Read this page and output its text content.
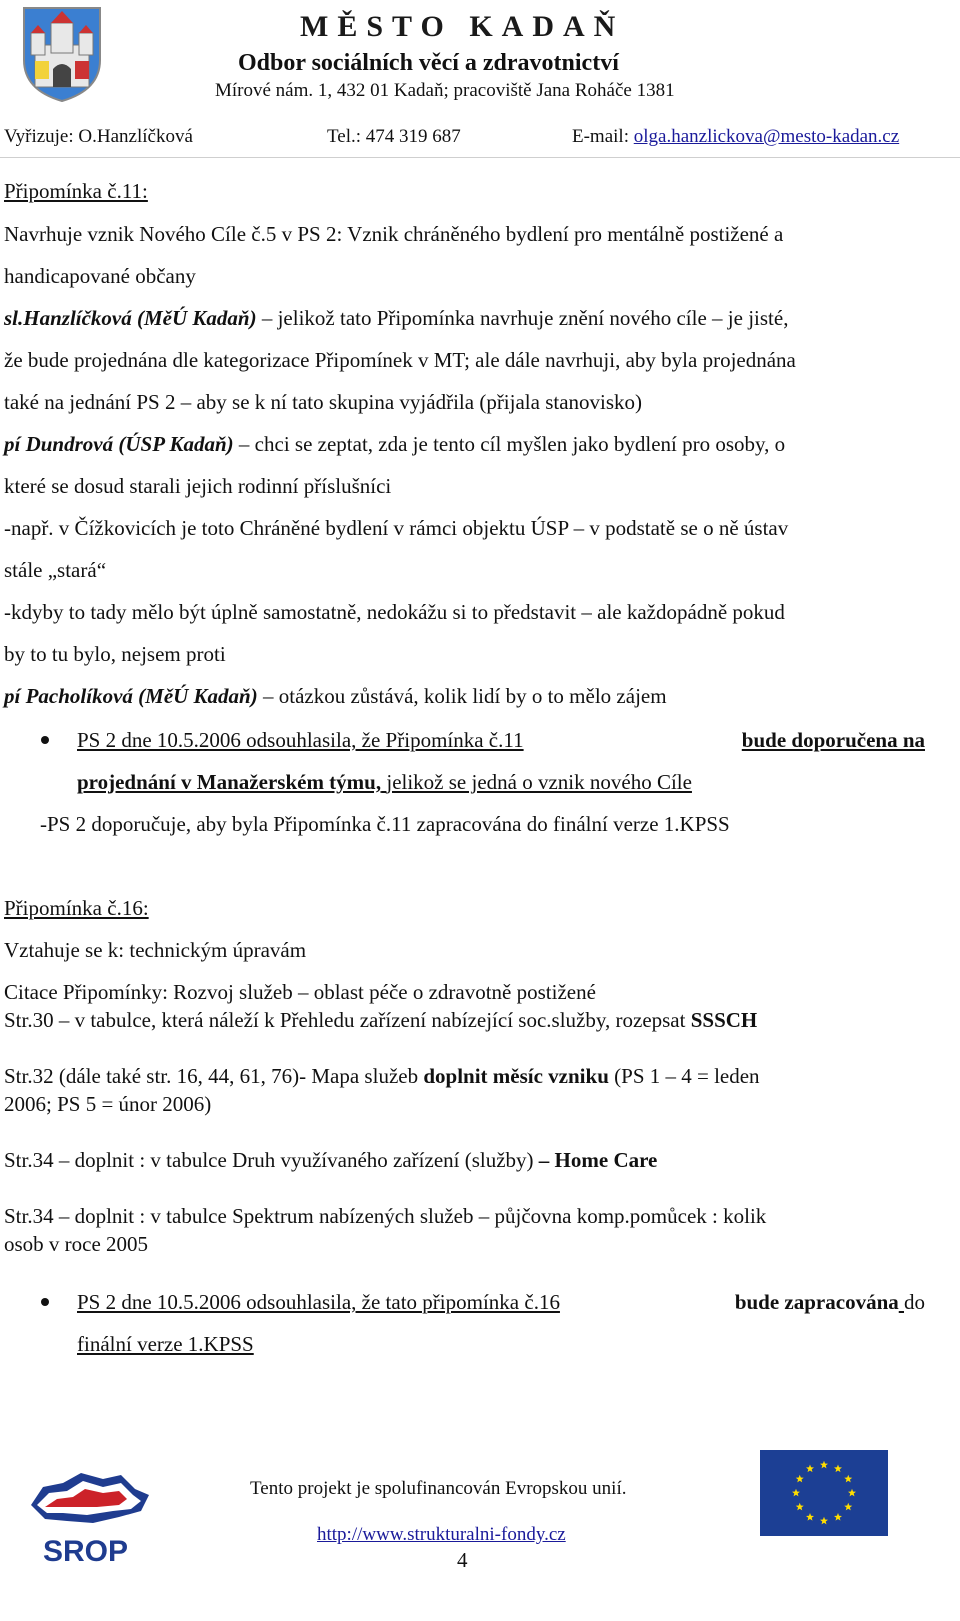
MĚSTO KADAŇ
Odbor sociálních věcí a zdravotnictví
Mírové nám. 1, 432 01 Kadaň; pracoviště Jana Roháče 1381
Vyřizuje: O.Hanzlíčková	Tel.: 474 319 687	E-mail: olga.hanzlickova@mesto-kadan.cz
Připomínka č.11:
Navrhuje vznik Nového Cíle č.5 v PS 2: Vznik chráněného bydlení pro mentálně postižené a
handicapované občany
sl.Hanzlíčková (MěÚ Kadaň) – jelikož tato Připomínka navrhuje znění nového cíle – je jisté,
že bude projednána dle kategorizace Připomínek v MT; ale dále navrhuji, aby byla projednána
také na jednání PS 2 – aby se k ní tato skupina vyjádřila (přijala stanovisko)
pí Dundrová (ÚSP Kadaň) – chci se zeptat, zda je tento cíl myšlen jako bydlení pro osoby, o
které se dosud starali jejich rodinní příslušníci
-např. v Čížkovicích je toto Chráněné bydlení v rámci objektu ÚSP – v podstatě se o ně ústav
stále „stará“
-kdyby to tady mělo být úplně samostatně, nedokážu si to představit – ale každopádně pokud
by to tu bylo, nejsem proti
pí Pacholíková (MěÚ Kadaň) – otázkou zůstává, kolik lidí by o to mělo zájem
PS 2 dne 10.5.2006 odsouhlasila, že Připomínka č.11	bude doporučena na
projednání v Manažerském týmu, jelikož se jedná o vznik nového Cíle
-PS 2 doporučuje, aby byla Připomínka č.11 zapracována do finální verze 1.KPSS
Připomínka č.16:
Vztahuje se k: technickým úpravám
Citace Připomínky: Rozvoj služeb – oblast péče o zdravotně postižené
Str.30 – v tabulce, která náleží k Přehledu zařízení nabízející soc.služby, rozepsat SSSCH
Str.32 (dále také str. 16, 44, 61, 76)- Mapa služeb doplnit měsíc vzniku (PS 1 – 4 = leden
2006; PS 5 = únor 2006)
Str.34 – doplnit : v tabulce Druh využívaného zařízení (služby) – Home Care
Str.34 – doplnit : v tabulce Spektrum nabízených služeb – půjčovna komp.pomůcek : kolik
osob v roce 2005
PS 2 dne 10.5.2006 odsouhlasila, že tato připomínka č.16	bude zapracována do
finální verze 1.KPSS
SROP
Tento projekt je spolufinancován Evropskou unií.
http://www.strukturalni-fondy.cz
4
